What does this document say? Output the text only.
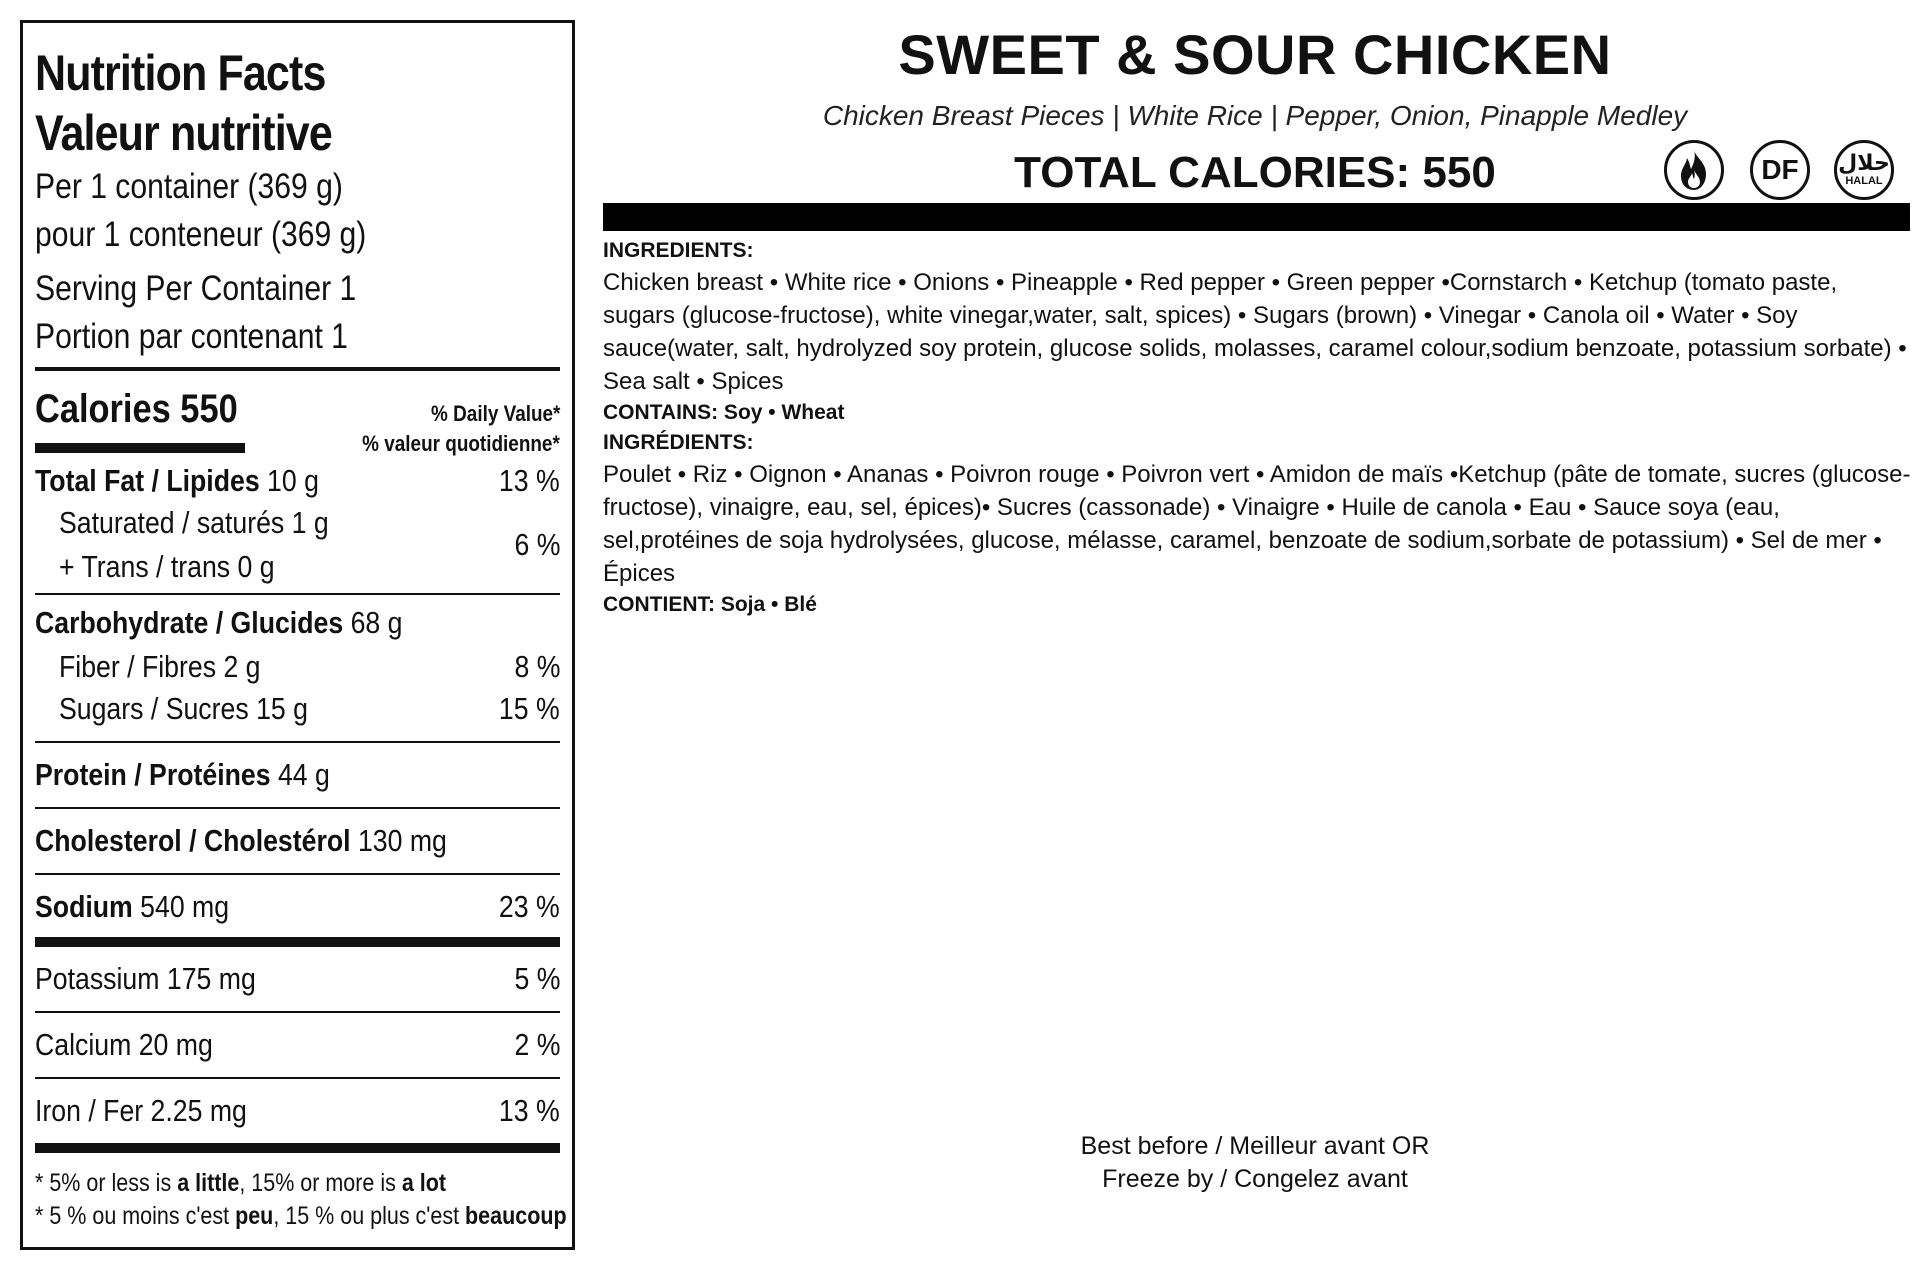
Nutrition Facts
Valeur nutritive
Per 1 container (369 g)
pour 1 conteneur (369 g)
Serving Per Container 1
Portion par contenant 1
Calories 550	% Daily Value*
% valeur quotidienne*
Total Fat / Lipides 10 g	13 %
Saturated / saturés 1 g
+ Trans / trans 0 g
6 %
Carbohydrate / Glucides 68 g
Fiber / Fibres 2 g	8 %
Sugars / Sucres 15 g	15 %
Protein / Protéines 44 g
Cholesterol / Cholestérol 130 mg
Sodium 540 mg	23 %
Potassium 175 mg	5 %
Calcium 20 mg	2 %
Iron / Fer 2.25 mg	13 %
* 5% or less is a little, 15% or more is a lot
* 5 % ou moins c'est peu, 15 % ou plus c'est beaucoup
SWEET & SOUR CHICKEN
Chicken Breast Pieces | White Rice | Pepper, Onion, Pinapple Medley
TOTAL CALORIES: 550	DF حلال
HALAL
INGREDIENTS:
Chicken breast • White rice • Onions • Pineapple • Red pepper • Green pepper •Cornstarch • Ketchup (tomato paste, sugars (glucose-fructose), white vinegar,water, salt, spices) • Sugars (brown) • Vinegar • Canola oil • Water • Soy sauce(water, salt, hydrolyzed soy protein, glucose solids, molasses, caramel colour,sodium benzoate, potassium sorbate) • Sea salt • Spices
CONTAINS: Soy • Wheat
INGRÉDIENTS:
Poulet • Riz • Oignon • Ananas • Poivron rouge • Poivron vert • Amidon de maïs •Ketchup (pâte de tomate, sucres (glucose-fructose), vinaigre, eau, sel, épices)• Sucres (cassonade) • Vinaigre • Huile de canola • Eau • Sauce soya (eau, sel,protéines de soja hydrolysées, glucose, mélasse, caramel, benzoate de sodium,sorbate de potassium) • Sel de mer • Épices
CONTIENT: Soja • Blé
Best before / Meilleur avant OR
Freeze by / Congelez avant
